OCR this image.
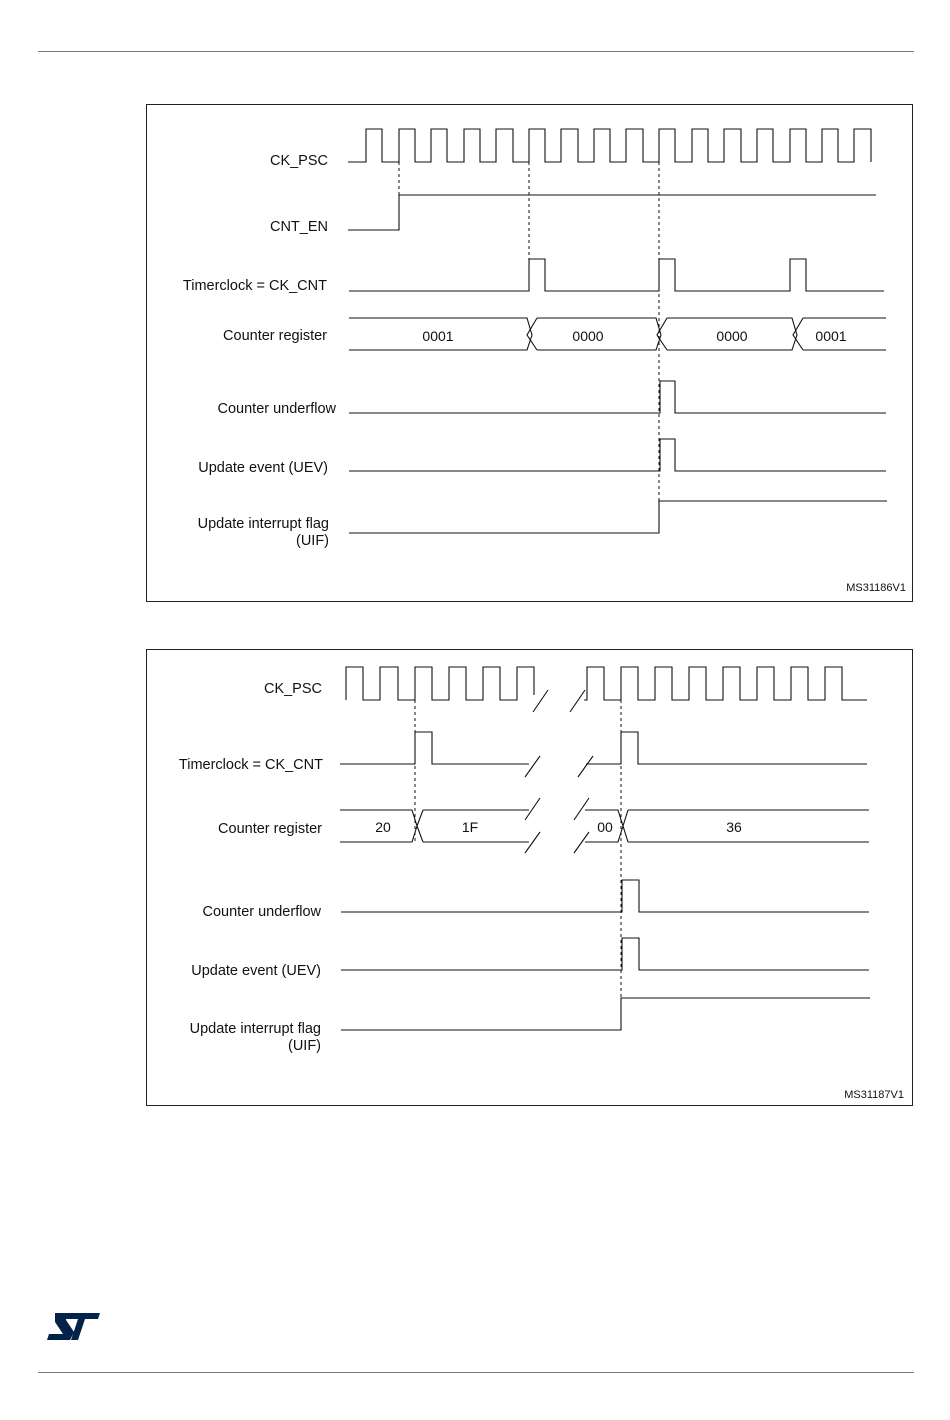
CK_PSC
CNT_EN
Timerclock = CK_CNT
Counter register
Counter underflow
Update event (UEV)
Update interrupt flag
(UIF)
0001	0000	0000	0001
MS31186V1
CK_PSC
Timerclock = CK_CNT
Counter register
Counter underflow
Update event (UEV)
Update interrupt flag
(UIF)
20	1F	00	36
MS31187V1
